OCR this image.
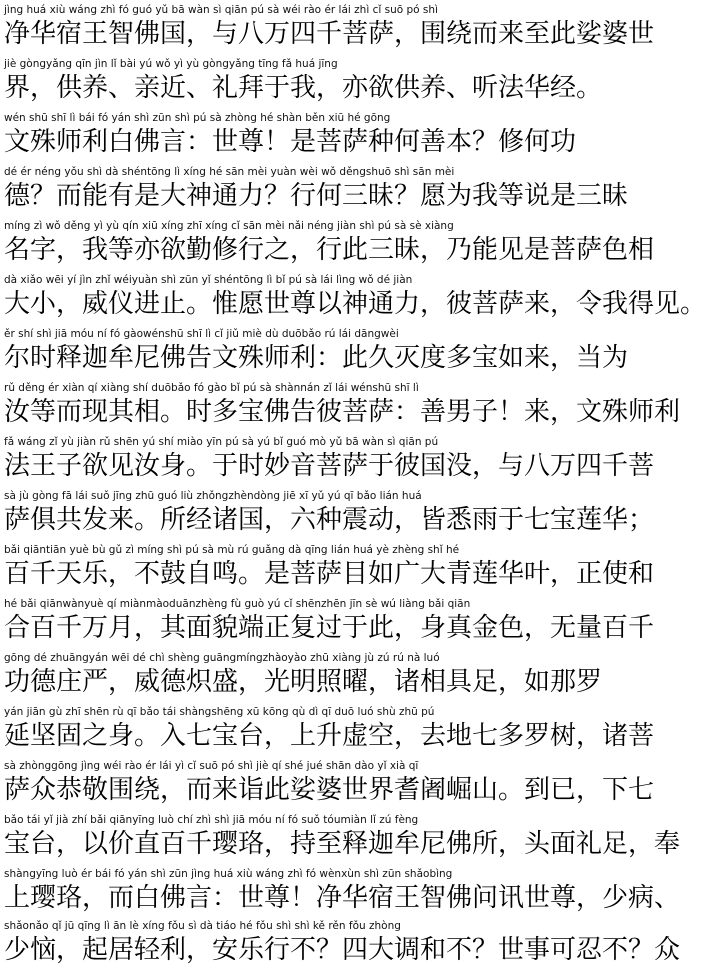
jìng huá xiù wáng zhì fó guó yǔ bā wàn sì qiān pú sà wéi rào ér lái zhì cǐ suō pó shì
净华宿王智佛国，与八万四千菩萨，围绕而来至此娑婆世
jiè gòngyǎng qīn jìn lǐ bài yú wǒ yì yù gòngyǎng tīng fǎ huá jīng
界，供养、亲近、礼拜于我，亦欲供养、听法华经。
wén shū shī lì bái fó yán shì zūn shì pú sà zhòng hé shàn běn xiū hé gōng
文殊师利白佛言：世尊！是菩萨种何善本？修何功
dé ér néng yǒu shì dà shéntōng lì xíng hé sān mèi yuàn wèi wǒ děngshuō shì sān mèi
德？而能有是大神通力？行何三昧？愿为我等说是三昧
míng zì wǒ děng yì yù qín xiū xíng zhī xíng cǐ sān mèi nǎi néng jiàn shì pú sà sè xiàng
名字，我等亦欲勤修行之，行此三昧，乃能见是菩萨色相
dà xiǎo wēi yí jìn zhǐ wéiyuàn shì zūn yǐ shéntōng lì bǐ pú sà lái lìng wǒ dé jiàn
大小，威仪进止。惟愿世尊以神通力，彼菩萨来，令我得见。
ěr shí shì jiā móu ní fó gàowénshū shī lì cǐ jiǔ miè dù duōbǎo rú lái dāngwèi
尔时释迦牟尼佛告文殊师利：此久灭度多宝如来，当为
rǔ děng ér xiàn qí xiàng shí duōbǎo fó gào bǐ pú sà shànnán zǐ lái wénshū shī lì
汝等而现其相。时多宝佛告彼菩萨：善男子！来，文殊师利
fǎ wáng zǐ yù jiàn rǔ shēn yú shí miào yīn pú sà yú bǐ guó mò yǔ bā wàn sì qiān pú
法王子欲见汝身。于时妙音菩萨于彼国没，与八万四千菩
sà jù gòng fā lái suǒ jīng zhū guó liù zhǒngzhèndòng jiē xī yǔ yú qī bǎo lián huá
萨俱共发来。所经诸国，六种震动，皆悉雨于七宝莲华；
bǎi qiāntiān yuè bù gǔ zì míng shì pú sà mù rú guǎng dà qīng lián huá yè zhèng shǐ hé
百千天乐，不鼓自鸣。是菩萨目如广大青莲华叶，正使和
hé bǎi qiānwànyuè qí miànmàoduānzhèng fù guò yú cǐ shēnzhēn jīn sè wú liàng bǎi qiān
合百千万月，其面貌端正复过于此，身真金色，无量百千
gōng dé zhuāngyán wēi dé chì shèng guāngmíngzhàoyào zhū xiàng jù zú rú nà luó
功德庄严，威德炽盛，光明照曜，诸相具足，如那罗
yán jiān gù zhī shēn rù qī bǎo tái shàngshēng xū kōng qù dì qī duō luó shù zhū pú
延坚固之身。入七宝台，上升虚空，去地七多罗树，诸菩
sà zhònggōng jìng wéi rào ér lái yì cǐ suō pó shì jiè qí shé jué shān dào yǐ xià qī
萨众恭敬围绕，而来诣此娑婆世界耆阇崛山。到已，下七
bǎo tái yǐ jià zhí bǎi qiānyīng luò chí zhì shì jiā móu ní fó suǒ tóumiàn lǐ zú fèng
宝台，以价直百千璎珞，持至释迦牟尼佛所，头面礼足，奉
shàngyīng luò ér bái fó yán shì zūn jìng huá xiù wáng zhì fó wènxùn shì zūn shǎobìng
上璎珞，而白佛言：世尊！净华宿王智佛问讯世尊，少病、
shǎonǎo qǐ jū qīng lì ān lè xíng fǒu sì dà tiáo hé fǒu shì shì kě rěn fǒu zhòng
少恼，起居轻利，安乐行不？四大调和不？世事可忍不？众
